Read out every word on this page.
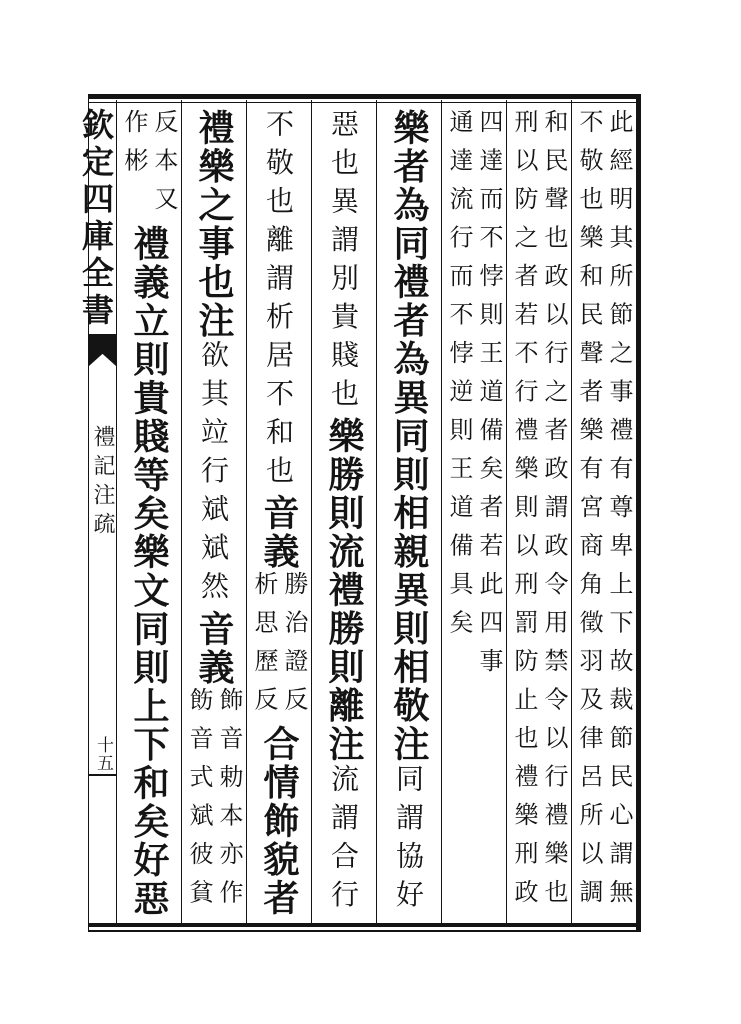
欽定四庫全書
禮記注疏
十五	此經明其所節之事禮有尊卑上下故裁節民心謂無
不敬也樂和民聲者樂有宮商角徵羽及律呂所以調
和民聲也政以行之者政謂政令用禁令以行禮樂也
刑以防之者若不行禮樂則以刑罰防止也禮樂刑政
四達而不悖則王道備矣者若此四事
通達流行而不悖逆則王道備具矣
樂者為同禮者為異同則相親異則相敬注
同謂協好
惡也異謂別貴賤也
樂勝則流禮勝則離注
流謂合行
不敬也離謂析居不和也
音義
勝治證反
析思歷反
合情飾貌者
禮樂之事也注
欲其竝行斌斌然
音義
飾音勅本亦作
飭音式斌彼貧
反本又
作彬
禮義立則貴賤等矣樂文同則上下和矣好惡
